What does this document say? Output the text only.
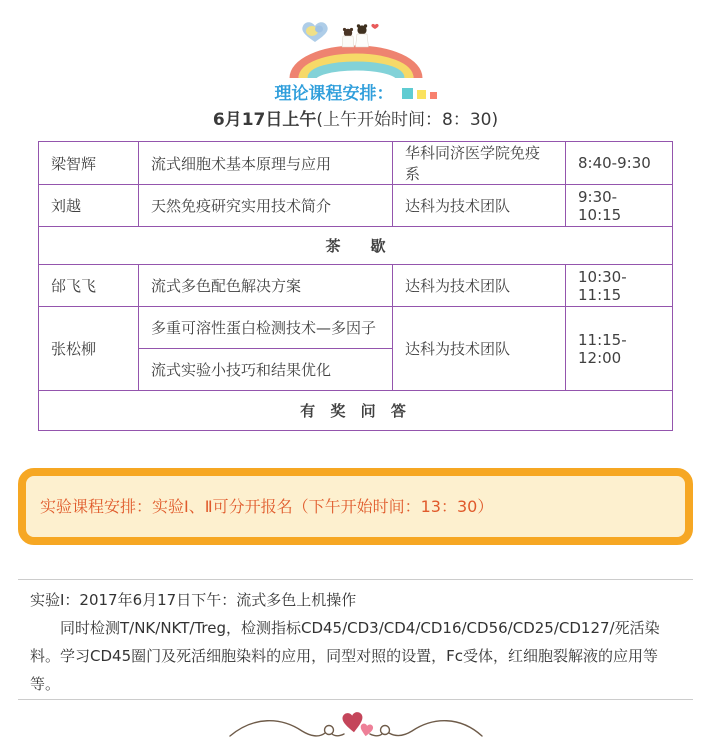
理论课程安排：
6月17日上午(上午开始时间：8：30)
梁智辉	流式细胞术基本原理与应用	华科同济医学院免疫系	8:40-9:30
刘越	天然免疫研究实用技术简介	达科为技术团队	9:30-10:15
茶　　歇			
邰飞飞	流式多色配色解决方案	达科为技术团队	10:30-11:15
张松柳	多重可溶性蛋白检测技术—多因子	达科为技术团队	11:15-12:00
	流式实验小技巧和结果优化		
有 奖 问 答			
实验课程安排：实验Ⅰ、Ⅱ可分开报名（下午开始时间：13：30）

实验Ⅰ：2017年6月17日下午：流式多色上机操作

同时检测T/NK/NKT/Treg，检测指标CD45/CD3/CD4/CD16/CD56/CD25/CD127/死活染料。学习CD45圈门及死活细胞染料的应用，同型对照的设置，Fc受体，红细胞裂解液的应用等等。
